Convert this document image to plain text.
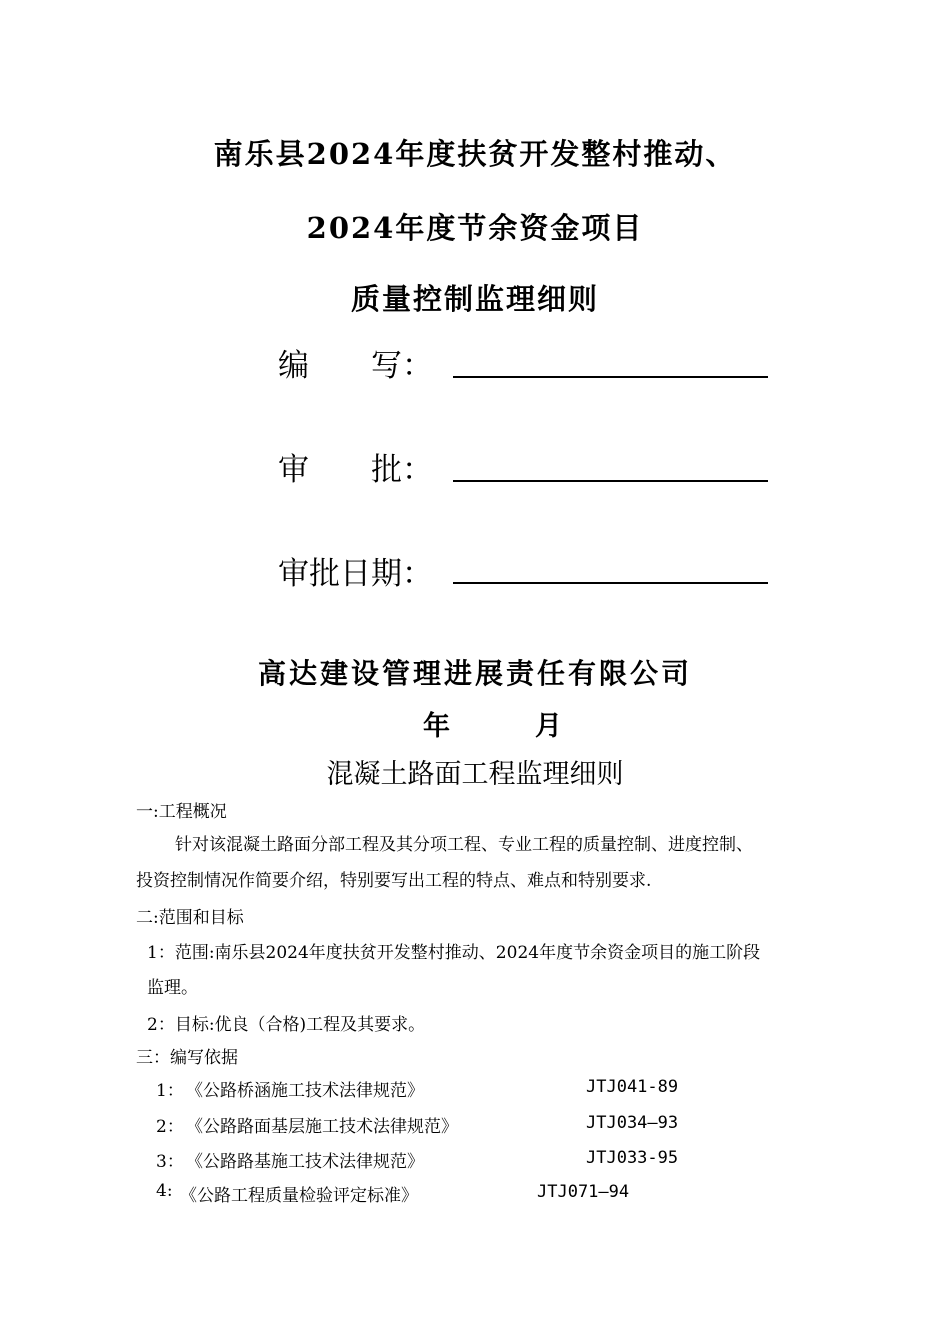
南乐县2024年度扶贫开发整村推动、
2024年度节余资金项目
质量控制监理细则
编　　写：
审　　批：
审批日期：
高达建设管理进展责任有限公司
年	月
混凝土路面工程监理细则
一:工程概况
针对该混凝土路面分部工程及其分项工程、专业工程的质量控制、进度控制、
投资控制情况作简要介绍，特别要写出工程的特点、难点和特别要求.
二:范围和目标
1：范围:南乐县2024年度扶贫开发整村推动、2024年度节余资金项目的施工阶段
监理。
2：目标:优良（合格)工程及其要求。
三：编写依据
1： 《公路桥涵施工技术法律规范》	JTJ041-89
2： 《公路路面基层施工技术法律规范》	JTJ034—93
3： 《公路路基施工技术法律规范》	JTJ033-95
4: 《公路工程质量检验评定标准》	JTJ071—94
